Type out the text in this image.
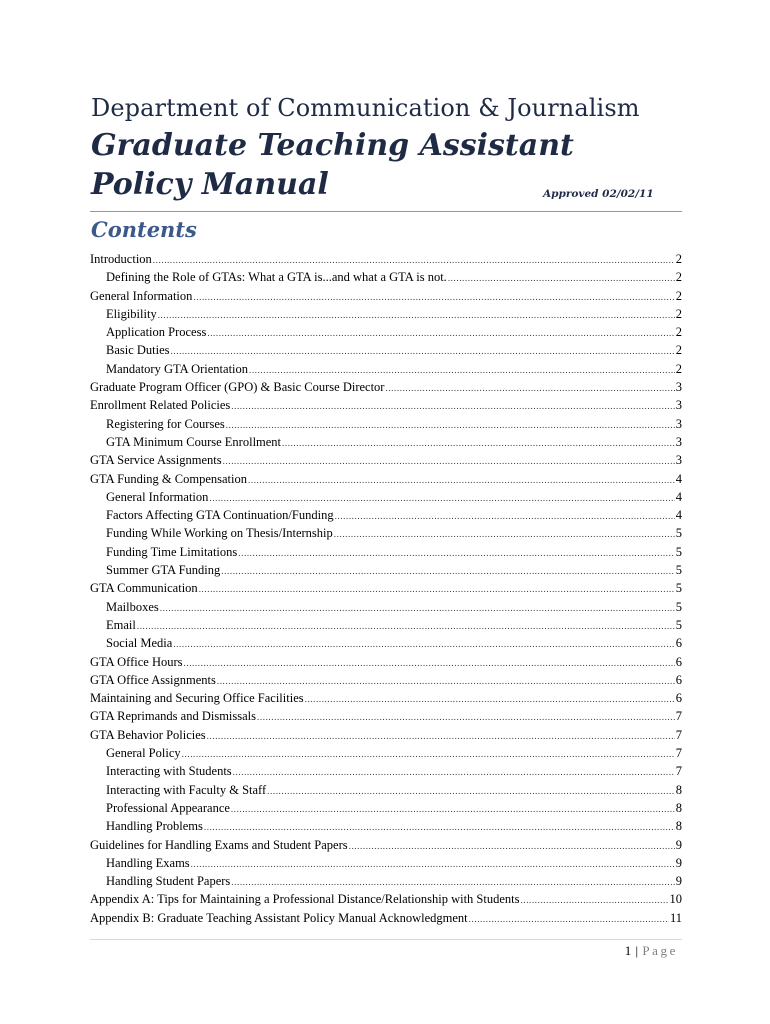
Department of Communication & Journalism
Graduate Teaching Assistant
Policy Manual	Approved 02/02/11
Contents
Introduction .....	2
Defining the Role of GTAs: What a GTA is...and what a GTA is not. .....	2
General Information .....	2
Eligibility .....	2
Application Process .....	2
Basic Duties .....	2
Mandatory GTA Orientation .....	2
Graduate Program Officer (GPO) & Basic Course Director .....	3
Enrollment Related Policies .....	3
Registering for Courses .....	3
GTA Minimum Course Enrollment .....	3
GTA Service Assignments .....	3
GTA Funding & Compensation .....	4
General Information .....	4
Factors Affecting GTA Continuation/Funding .....	4
Funding While Working on Thesis/Internship .....	5
Funding Time Limitations .....	5
Summer GTA Funding .....	5
GTA Communication .....	5
Mailboxes .....	5
Email .....	5
Social Media .....	6
GTA Office Hours .....	6
GTA Office Assignments .....	6
Maintaining and Securing Office Facilities .....	6
GTA Reprimands and Dismissals .....	7
GTA Behavior Policies .....	7
General Policy .....	7
Interacting with Students .....	7
Interacting with Faculty & Staff .....	8
Professional Appearance .....	8
Handling Problems .....	8
Guidelines for Handling Exams and Student Papers .....	9
Handling Exams .....	9
Handling Student Papers .....	9
Appendix A: Tips for Maintaining a Professional Distance/Relationship with Students .....	10
Appendix B: Graduate Teaching Assistant Policy Manual Acknowledgment .....	11
1 | Page
